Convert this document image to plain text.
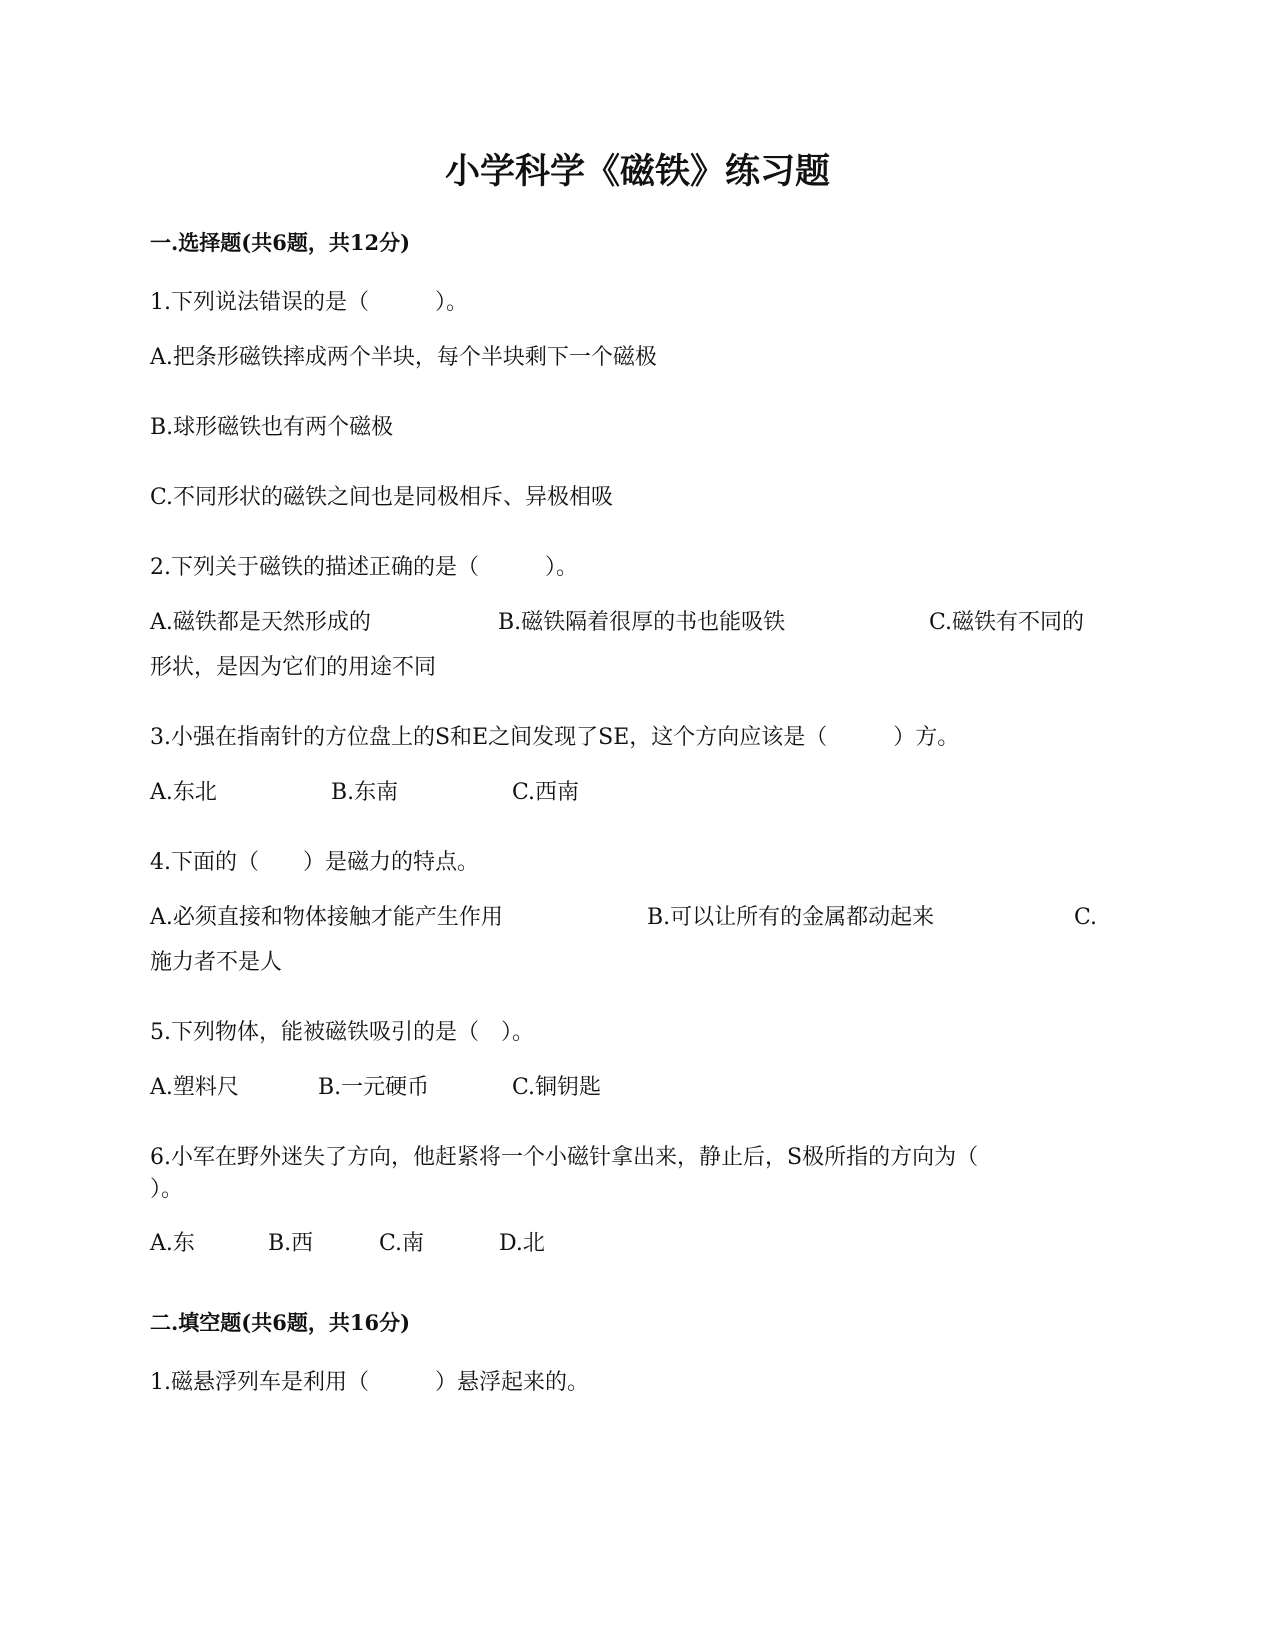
小学科学《磁铁》练习题
一.选择题(共6题，共12分)
1.下列说法错误的是（　　　）。
A.把条形磁铁摔成两个半块，每个半块剩下一个磁极
B.球形磁铁也有两个磁极
C.不同形状的磁铁之间也是同极相斥、异极相吸
2.下列关于磁铁的描述正确的是（　　　）。
A.磁铁都是天然形成的	B.磁铁隔着很厚的书也能吸铁	C.磁铁有不同的
形状，是因为它们的用途不同
3.小强在指南针的方位盘上的S和E之间发现了SE，这个方向应该是（　　　）方。
A.东北	B.东南	C.西南
4.下面的（　　）是磁力的特点。
A.必须直接和物体接触才能产生作用	B.可以让所有的金属都动起来	C.
施力者不是人
5.下列物体，能被磁铁吸引的是（　）。
A.塑料尺	B.一元硬币	C.铜钥匙
6.小军在野外迷失了方向，他赶紧将一个小磁针拿出来，静止后，S极所指的方向为（
）。
A.东	B.西	C.南	D.北
二.填空题(共6题，共16分)
1.磁悬浮列车是利用（　　　）悬浮起来的。
